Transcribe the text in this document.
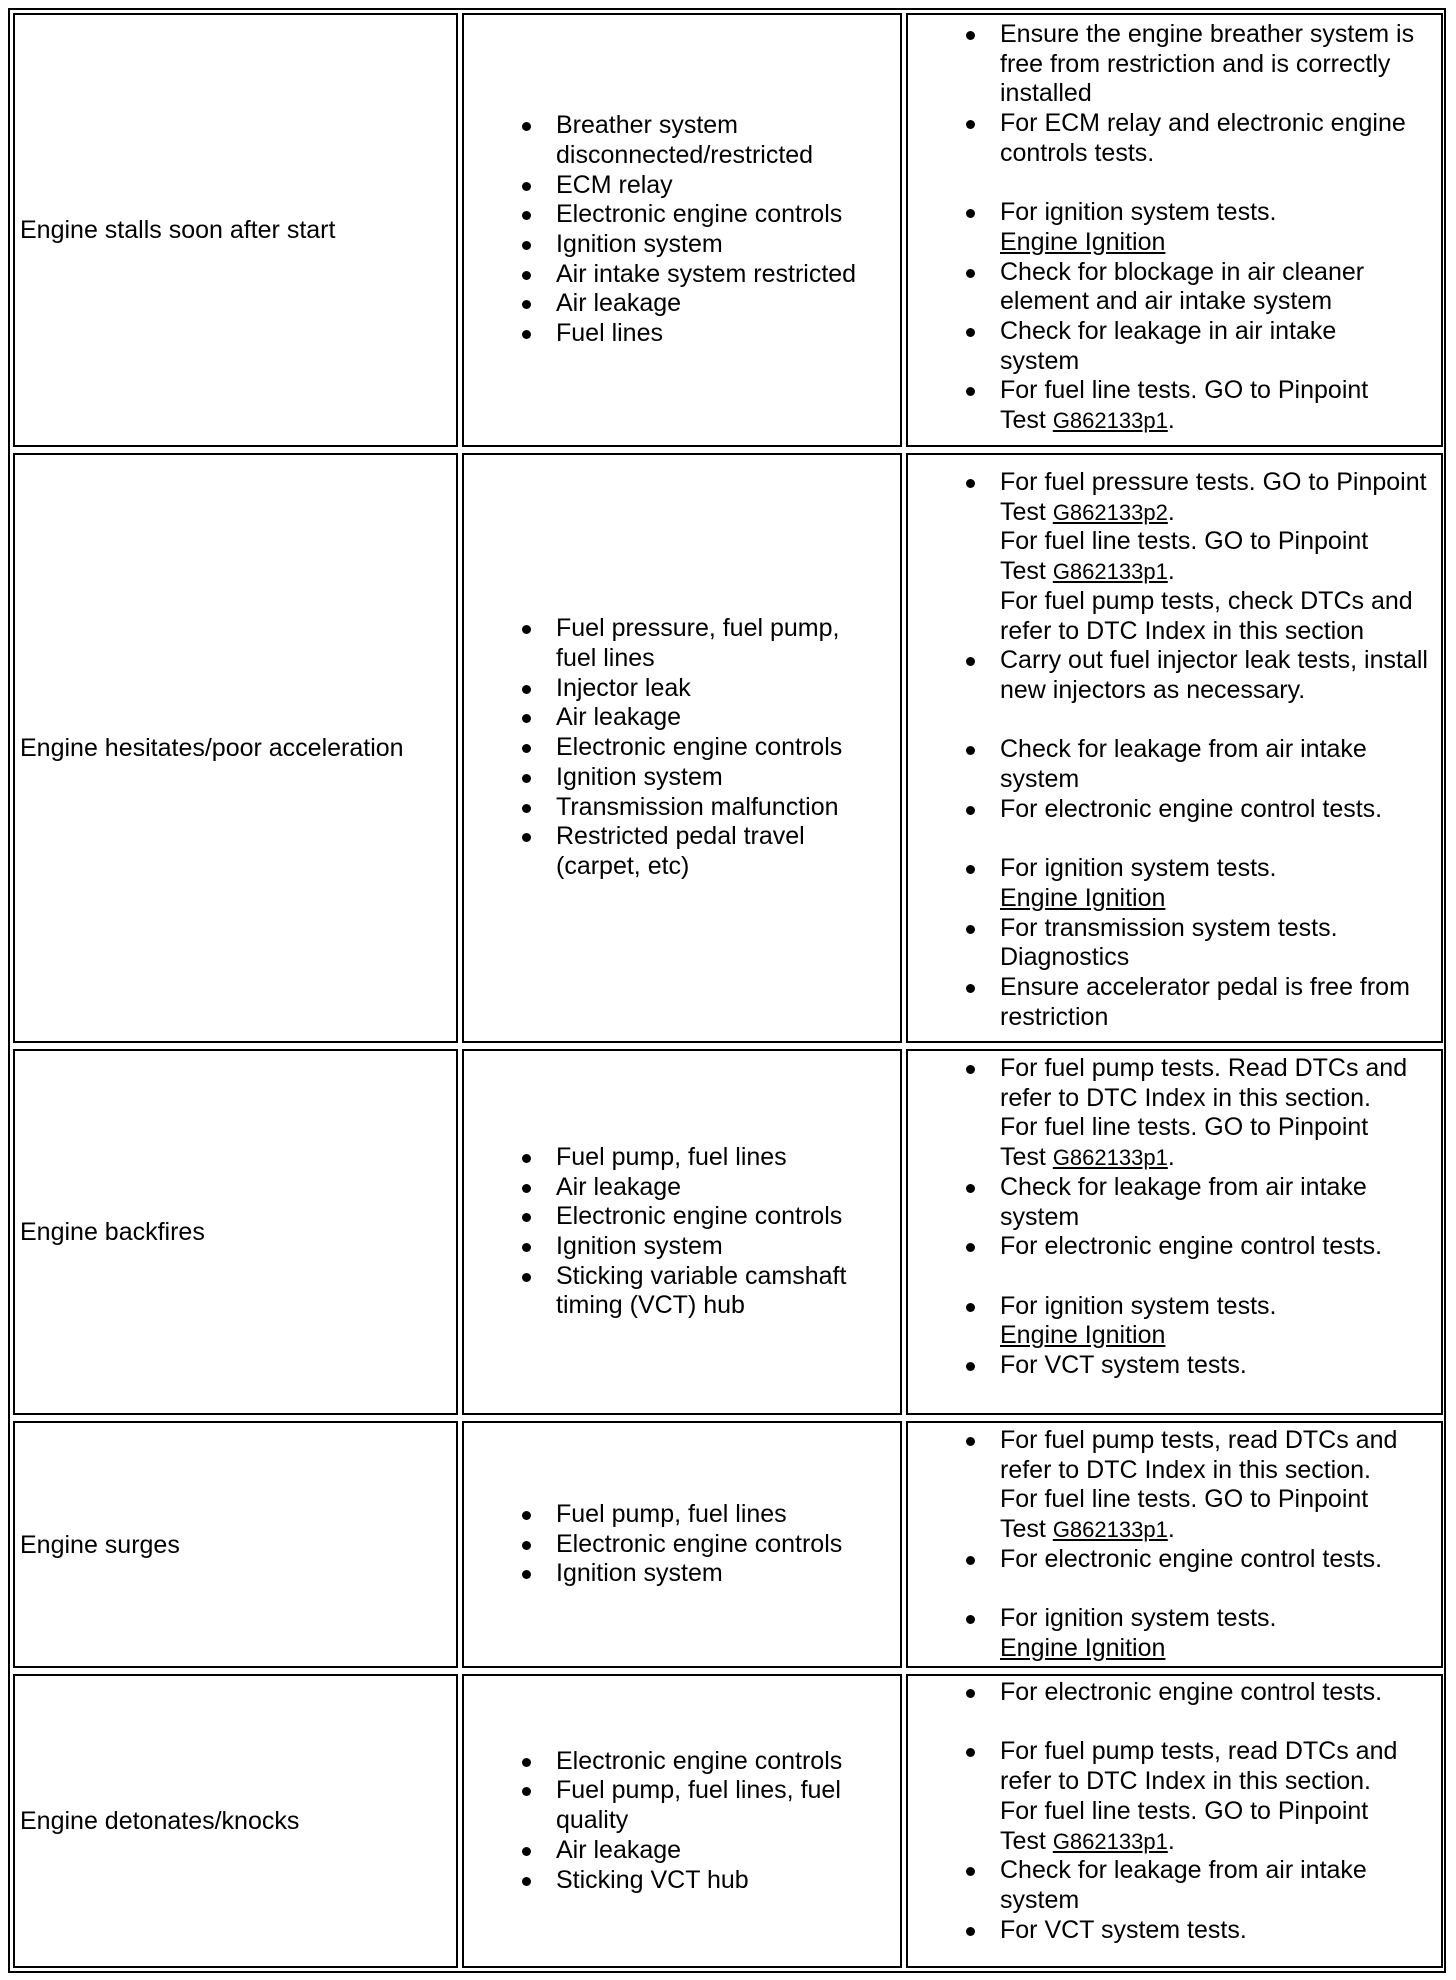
Engine stalls soon after start
Breather system disconnected/restricted
ECM relay
Electronic engine controls
Ignition system
Air intake system restricted
Air leakage
Fuel lines
Ensure the engine breather system is free from restriction and is correctly installed
For ECM relay and electronic engine controls tests.
For ignition system tests.
Engine Ignition
Check for blockage in air cleaner element and air intake system
Check for leakage in air intake system
For fuel line tests. GO to Pinpoint Test G862133p1.
Engine hesitates/poor acceleration
Fuel pressure, fuel pump, fuel lines
Injector leak
Air leakage
Electronic engine controls
Ignition system
Transmission malfunction
Restricted pedal travel (carpet, etc)
For fuel pressure tests. GO to Pinpoint Test G862133p2.
For fuel line tests. GO to Pinpoint Test G862133p1.
For fuel pump tests, check DTCs and refer to DTC Index in this section
Carry out fuel injector leak tests, install new injectors as necessary.
Check for leakage from air intake system
For electronic engine control tests.
For ignition system tests.
Engine Ignition
For transmission system tests.
Diagnostics
Ensure accelerator pedal is free from restriction
Engine backfires
Fuel pump, fuel lines
Air leakage
Electronic engine controls
Ignition system
Sticking variable camshaft timing (VCT) hub
For fuel pump tests. Read DTCs and refer to DTC Index in this section.
For fuel line tests. GO to Pinpoint Test G862133p1.
Check for leakage from air intake system
For electronic engine control tests.
For ignition system tests.
Engine Ignition
For VCT system tests.
Engine surges
Fuel pump, fuel lines
Electronic engine controls
Ignition system
For fuel pump tests, read DTCs and refer to DTC Index in this section.
For fuel line tests. GO to Pinpoint Test G862133p1.
For electronic engine control tests.
For ignition system tests.
Engine Ignition
Engine detonates/knocks
Electronic engine controls
Fuel pump, fuel lines, fuel quality
Air leakage
Sticking VCT hub
For electronic engine control tests.
For fuel pump tests, read DTCs and refer to DTC Index in this section.
For fuel line tests. GO to Pinpoint Test G862133p1.
Check for leakage from air intake system
For VCT system tests.
